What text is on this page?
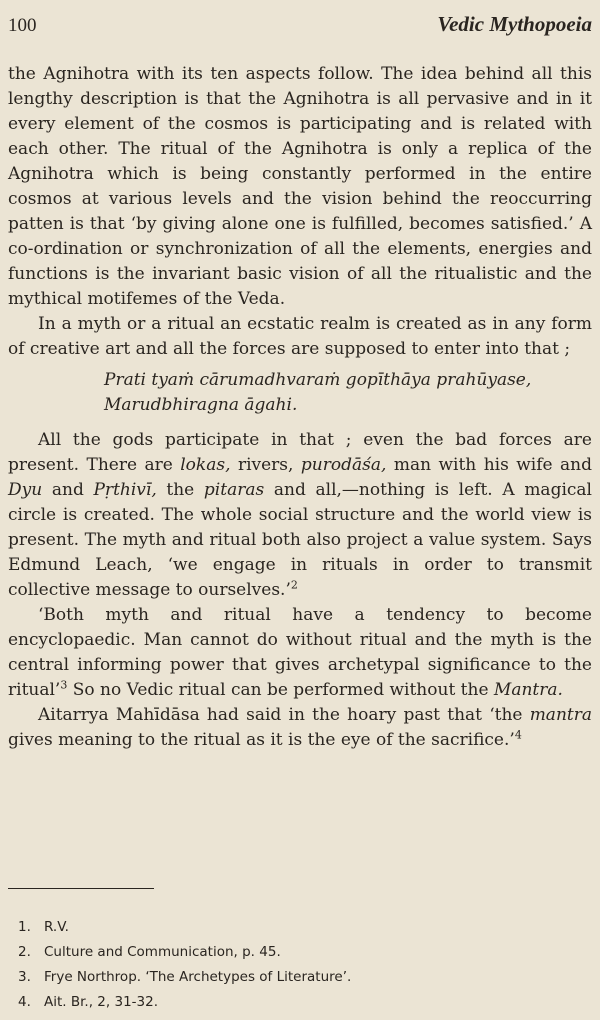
100	Vedic Mythopoeia

the Agnihotra with its ten aspects follow. The idea behind all this lengthy description is that the Agnihotra is all pervasive and in it every element of the cosmos is participating and is related with each other. The ritual of the Agnihotra is only a replica of the Agnihotra which is being constantly performed in the entire cosmos at various levels and the vision behind the reoccurring patten is that ‘by giving alone one is fulfilled, becomes satisfied.’ A co-ordination or synchronization of all the elements, energies and functions is the invariant basic vision of all the ritualistic and the mythical motifemes of the Veda.

In a myth or a ritual an ecstatic realm is created as in any form of creative art and all the forces are supposed to enter into that ;

Prati tyaṁ cārumadhvaraṁ gopīthāya prahūyase,
Marudbhiragna āgahi.

All the gods participate in that ; even the bad forces are present. There are lokas, rivers, purodāśa, man with his wife and Dyu and Pṛthivī, the pitaras and all,—nothing is left. A magical circle is created. The whole social structure and the world view is present. The myth and ritual both also project a value system. Says Edmund Leach, ‘we engage in rituals in order to transmit collective message to ourselves.’$^2$

‘Both myth and ritual have a tendency to become encyclopaedic. Man cannot do without ritual and the myth is the central informing power that gives archetypal significance to the ritual’$^3$ So no Vedic ritual can be performed without the Mantra.

Aitarrya Mahīdāsa had said in the hoary past that ‘the mantra gives meaning to the ritual as it is the eye of the sacrifice.’$^4$

1. R.V.
2. Culture and Communication, p. 45.
3. Frye Northrop. ‘The Archetypes of Literature’.
4. Ait. Br., 2, 31-32.
